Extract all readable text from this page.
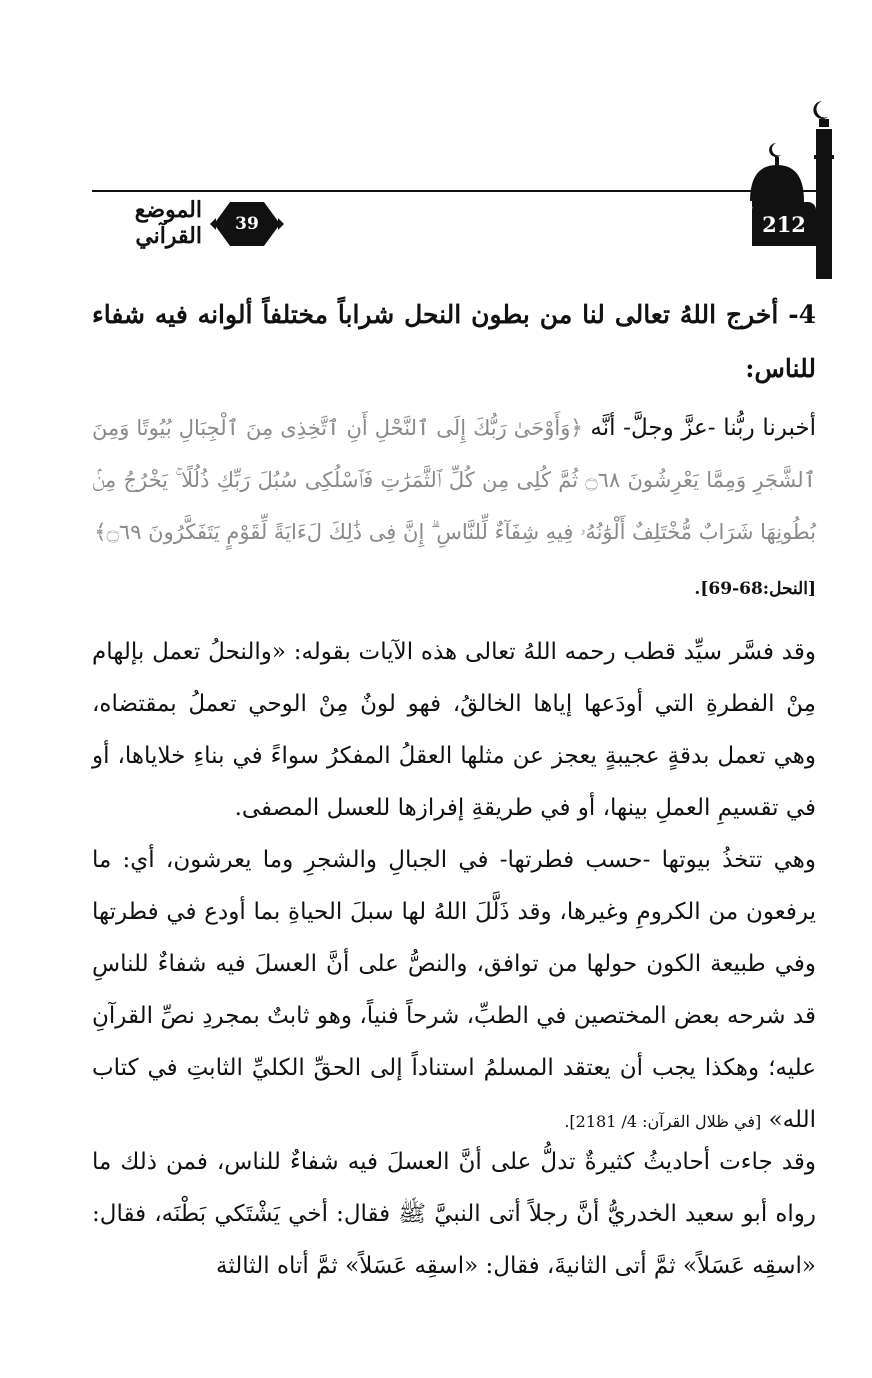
212
39
الموضع القرآني
4- أخرج اللهُ تعالى لنا من بطون النحل شراباً مختلفاً ألوانه فيه شفاء للناس:
أخبرنا ربُّنا -عزَّ وجلَّ- أنَّه ﴿وَأَوْحَىٰ رَبُّكَ إِلَى ٱلنَّحْلِ أَنِ ٱتَّخِذِى مِنَ ٱلْجِبَالِ بُيُوتًا وَمِنَ ٱلشَّجَرِ وَمِمَّا يَعْرِشُونَ ۝٦٨ ثُمَّ كُلِى مِن كُلِّ ٱلثَّمَرَٰتِ فَٱسْلُكِى سُبُلَ رَبِّكِ ذُلُلًا ۚ يَخْرُجُ مِنۢ بُطُونِهَا شَرَابٌ مُّخْتَلِفٌ أَلْوَٰنُهُۥ فِيهِ شِفَآءٌ لِّلنَّاسِ ۗ إِنَّ فِى ذَٰلِكَ لَءَايَةً لِّقَوْمٍ يَتَفَكَّرُونَ ۝٦٩﴾
[النحل:68-69].
وقد فسَّر سيِّد قطب رحمه اللهُ تعالى هذه الآيات بقوله: «والنحلُ تعمل بإلهام مِنْ الفطرةِ التي أودَعها إياها الخالقُ، فهو لونٌ مِنْ الوحي تعملُ بمقتضاه، وهي تعمل بدقةٍ عجيبةٍ يعجز عن مثلها العقلُ المفكرُ سواءً في بناءِ خلاياها، أو في تقسيمِ العملِ بينها، أو في طريقةِ إفرازها للعسل المصفى.
وهي تتخذُ بيوتها -حسب فطرتها- في الجبالِ والشجرِ وما يعرشون، أي: ما يرفعون من الكرومِ وغيرها، وقد ذَلَّلَ اللهُ لها سبلَ الحياةِ بما أودع في فطرتها وفي طبيعة الكون حولها من توافق، والنصُّ على أنَّ العسلَ فيه شفاءٌ للناسِ قد شرحه بعض المختصين في الطبِّ، شرحاً فنياً، وهو ثابتٌ بمجردِ نصِّ القرآنِ عليه؛ وهكذا يجب أن يعتقد المسلمُ استناداً إلى الحقِّ الكليِّ الثابتِ في كتاب الله» [في ظلال القرآن: 4/ 2181].
وقد جاءت أحاديثُ كثيرةٌ تدلُّ على أنَّ العسلَ فيه شفاءٌ للناس، فمن ذلك ما رواه أبو سعيد الخدريُّ أنَّ رجلاً أتى النبيَّ ﷺ فقال: أخي يَشْتَكي بَطْنَه، فقال: «اسقِه عَسَلاً» ثمَّ أتى الثانيةَ، فقال: «اسقِه عَسَلاً» ثمَّ أتاه الثالثة
